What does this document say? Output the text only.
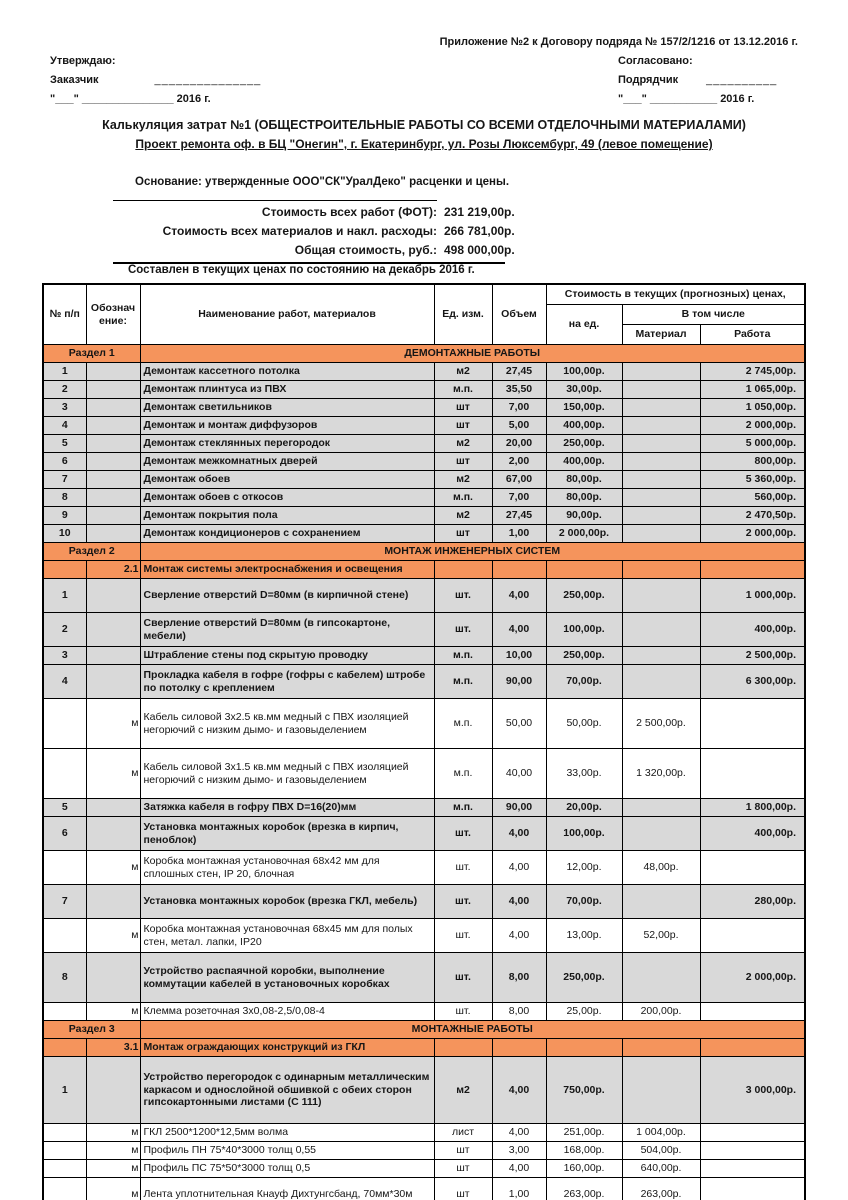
Приложение №2 к Договору подряда № 157/2/1216 от 13.12.2016 г.
Утверждаю:
Заказчик	_______________
"___" _______________ 2016 г.
Согласовано:
Подрядчик	__________
"___" ___________ 2016 г.
Калькуляция затрат №1 (ОБЩЕСТРОИТЕЛЬНЫЕ РАБОТЫ СО ВСЕМИ ОТДЕЛОЧНЫМИ МАТЕРИАЛАМИ)
Проект ремонта оф. в БЦ "Онегин", г. Екатеринбург, ул. Розы Люксембург, 49 (левое помещение)
Основание: утвержденные ООО"СК"УралДеко" расценки и цены.
Стоимость всех работ (ФОТ): 231 219,00р.
Стоимость всех материалов и накл. расходы: 266 781,00р.
Общая стоимость, руб.: 498 000,00р.
Составлен в текущих ценах по состоянию на декабрь 2016 г.
№ п/п	Обознач ение:	Наименование работ, материалов	Ед. изм.	Объем	Стоимость в текущих (прогнозных) ценах,		
					на ед.	В том числе	
						Материал	Работа
Раздел 1		ДЕМОНТАЖНЫЕ РАБОТЫ					
1		Демонтаж кассетного потолка	м2	27,45	100,00р.		2 745,00р.
2		Демонтаж плинтуса из ПВХ	м.п.	35,50	30,00р.		1 065,00р.
3		Демонтаж светильников	шт	7,00	150,00р.		1 050,00р.
4		Демонтаж и монтаж диффузоров	шт	5,00	400,00р.		2 000,00р.
5		Демонтаж стеклянных перегородок	м2	20,00	250,00р.		5 000,00р.
6		Демонтаж межкомнатных дверей	шт	2,00	400,00р.		800,00р.
7		Демонтаж обоев	м2	67,00	80,00р.		5 360,00р.
8		Демонтаж обоев с откосов	м.п.	7,00	80,00р.		560,00р.
9		Демонтаж покрытия пола	м2	27,45	90,00р.		2 470,50р.
10		Демонтаж кондиционеров с сохранением	шт	1,00	2 000,00р.		2 000,00р.
Раздел 2		МОНТАЖ ИНЖЕНЕРНЫХ СИСТЕМ					
	2.1	Монтаж системы электроснабжения и освещения					
1		Сверление отверстий D=80мм (в кирпичной стене)	шт.	4,00	250,00р.		1 000,00р.
2		Сверление отверстий D=80мм (в гипсокартоне, мебели)	шт.	4,00	100,00р.		400,00р.
3		Штрабление стены под скрытую проводку	м.п.	10,00	250,00р.		2 500,00р.
4		Прокладка кабеля в гофре (гофры с кабелем) штробе по потолку с креплением	м.п.	90,00	70,00р.		6 300,00р.
	м	Кабель силовой 3х2.5 кв.мм медный с ПВХ изоляцией негорючий с низким дымо- и газовыделением	м.п.	50,00	50,00р.	2 500,00р.	
	м	Кабель силовой 3х1.5 кв.мм медный с ПВХ изоляцией негорючий с низким дымо- и газовыделением	м.п.	40,00	33,00р.	1 320,00р.	
5		Затяжка кабеля в гофру ПВХ D=16(20)мм	м.п.	90,00	20,00р.		1 800,00р.
6		Установка монтажных коробок (врезка в кирпич, пеноблок)	шт.	4,00	100,00р.		400,00р.
	м	Коробка монтажная установочная 68х42 мм для сплошных стен, IP 20, блочная	шт.	4,00	12,00р.	48,00р.	
7		Установка монтажных коробок (врезка ГКЛ, мебель)	шт.	4,00	70,00р.		280,00р.
	м	Коробка монтажная установочная 68х45 мм для полых стен, метал. лапки, IP20	шт.	4,00	13,00р.	52,00р.	
8		Устройство распаячной коробки, выполнение коммутации кабелей в установочных коробках	шт.	8,00	250,00р.		2 000,00р.
	м	Клемма розеточная 3х0,08-2,5/0,08-4	шт.	8,00	25,00р.	200,00р.	
Раздел 3		МОНТАЖНЫЕ РАБОТЫ					
	3.1	Монтаж ограждающих конструкций из ГКЛ					
1		Устройство перегородок с одинарным металлическим каркасом и однослойной обшивкой с обеих сторон гипсокартонными листами (С 111)	м2	4,00	750,00р.		3 000,00р.
	м	ГКЛ 2500*1200*12,5мм волма	лист	4,00	251,00р.	1 004,00р.	
	м	Профиль ПН 75*40*3000 толщ 0,55	шт	3,00	168,00р.	504,00р.	
	м	Профиль ПС 75*50*3000 толщ 0,5	шт	4,00	160,00р.	640,00р.	
	м	Лента уплотнительная Кнауф Дихтунгсбанд, 70мм*30м	шт	1,00	263,00р.	263,00р.	
